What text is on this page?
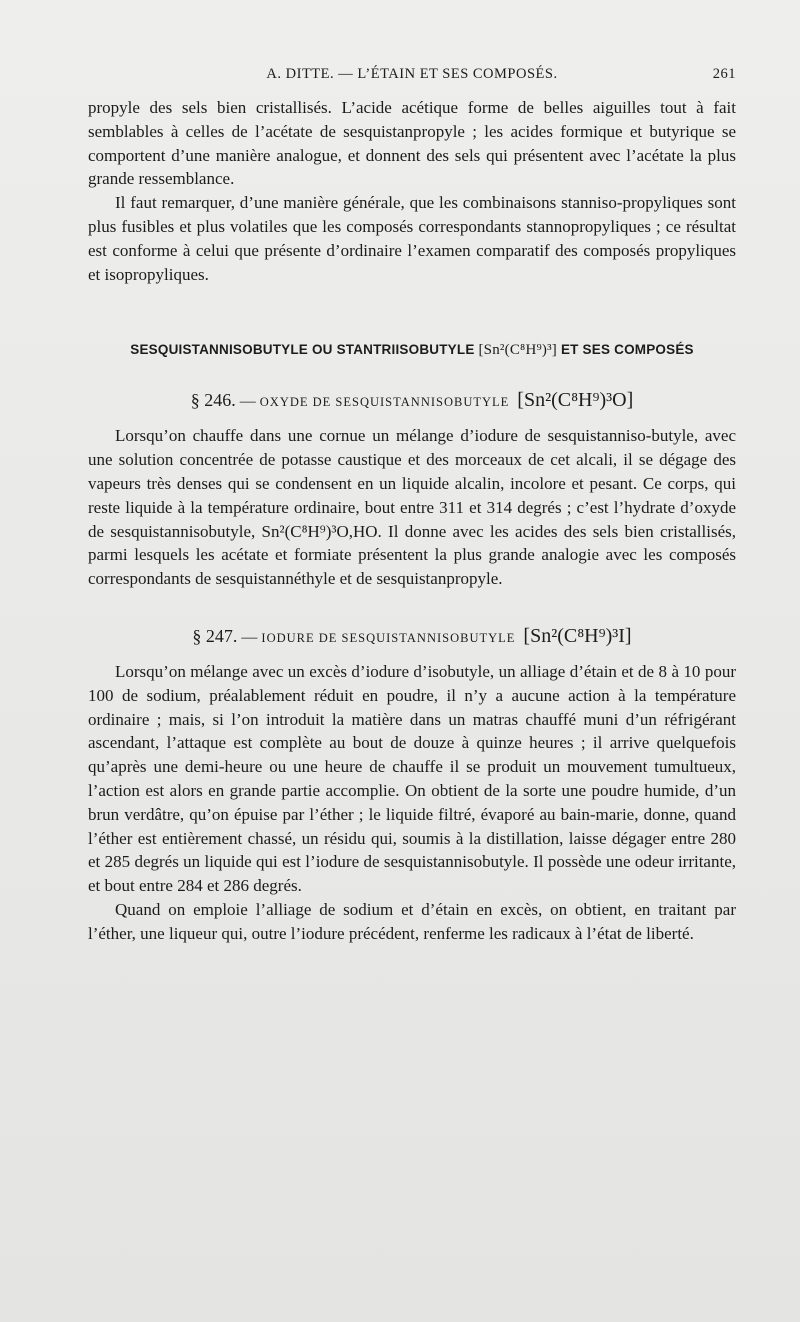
A. DITTE. — L’ÉTAIN ET SES COMPOSÉS.	261

propyle des sels bien cristallisés. L’acide acétique forme de belles aiguilles tout à fait semblables à celles de l’acétate de sesquistanpropyle ; les acides formique et butyrique se comportent d’une manière analogue, et donnent des sels qui présentent avec l’acétate la plus grande ressemblance.

Il faut remarquer, d’une manière générale, que les combinaisons stanniso-propyliques sont plus fusibles et plus volatiles que les composés correspondants stannopropyliques ; ce résultat est conforme à celui que présente d’ordinaire l’examen comparatif des composés propyliques et isopropyliques.

SESQUISTANNISOBUTYLE OU STANTRIISOBUTYLE [Sn²(C⁸H⁹)³] ET SES COMPOSÉS
§ 246. — OXYDE DE SESQUISTANNISOBUTYLE [Sn²(C⁸H⁹)³O]

Lorsqu’on chauffe dans une cornue un mélange d’iodure de sesquistanniso-butyle, avec une solution concentrée de potasse caustique et des morceaux de cet alcali, il se dégage des vapeurs très denses qui se condensent en un liquide alcalin, incolore et pesant. Ce corps, qui reste liquide à la température ordinaire, bout entre 311 et 314 degrés ; c’est l’hydrate d’oxyde de sesquistannisobutyle, Sn²(C⁸H⁹)³O,HO. Il donne avec les acides des sels bien cristallisés, parmi lesquels les acétate et formiate présentent la plus grande analogie avec les composés correspondants de sesquistannéthyle et de sesquistanpropyle.

§ 247. — IODURE DE SESQUISTANNISOBUTYLE [Sn²(C⁸H⁹)³I]

Lorsqu’on mélange avec un excès d’iodure d’isobutyle, un alliage d’étain et de 8 à 10 pour 100 de sodium, préalablement réduit en poudre, il n’y a aucune action à la température ordinaire ; mais, si l’on introduit la matière dans un matras chauffé muni d’un réfrigérant ascendant, l’attaque est complète au bout de douze à quinze heures ; il arrive quelquefois qu’après une demi-heure ou une heure de chauffe il se produit un mouvement tumultueux, l’action est alors en grande partie accomplie. On obtient de la sorte une poudre humide, d’un brun verdâtre, qu’on épuise par l’éther ; le liquide filtré, évaporé au bain-marie, donne, quand l’éther est entièrement chassé, un résidu qui, soumis à la distillation, laisse dégager entre 280 et 285 degrés un liquide qui est l’iodure de sesquistannisobutyle. Il possède une odeur irritante, et bout entre 284 et 286 degrés.

Quand on emploie l’alliage de sodium et d’étain en excès, on obtient, en traitant par l’éther, une liqueur qui, outre l’iodure précédent, renferme les radicaux à l’état de liberté.
